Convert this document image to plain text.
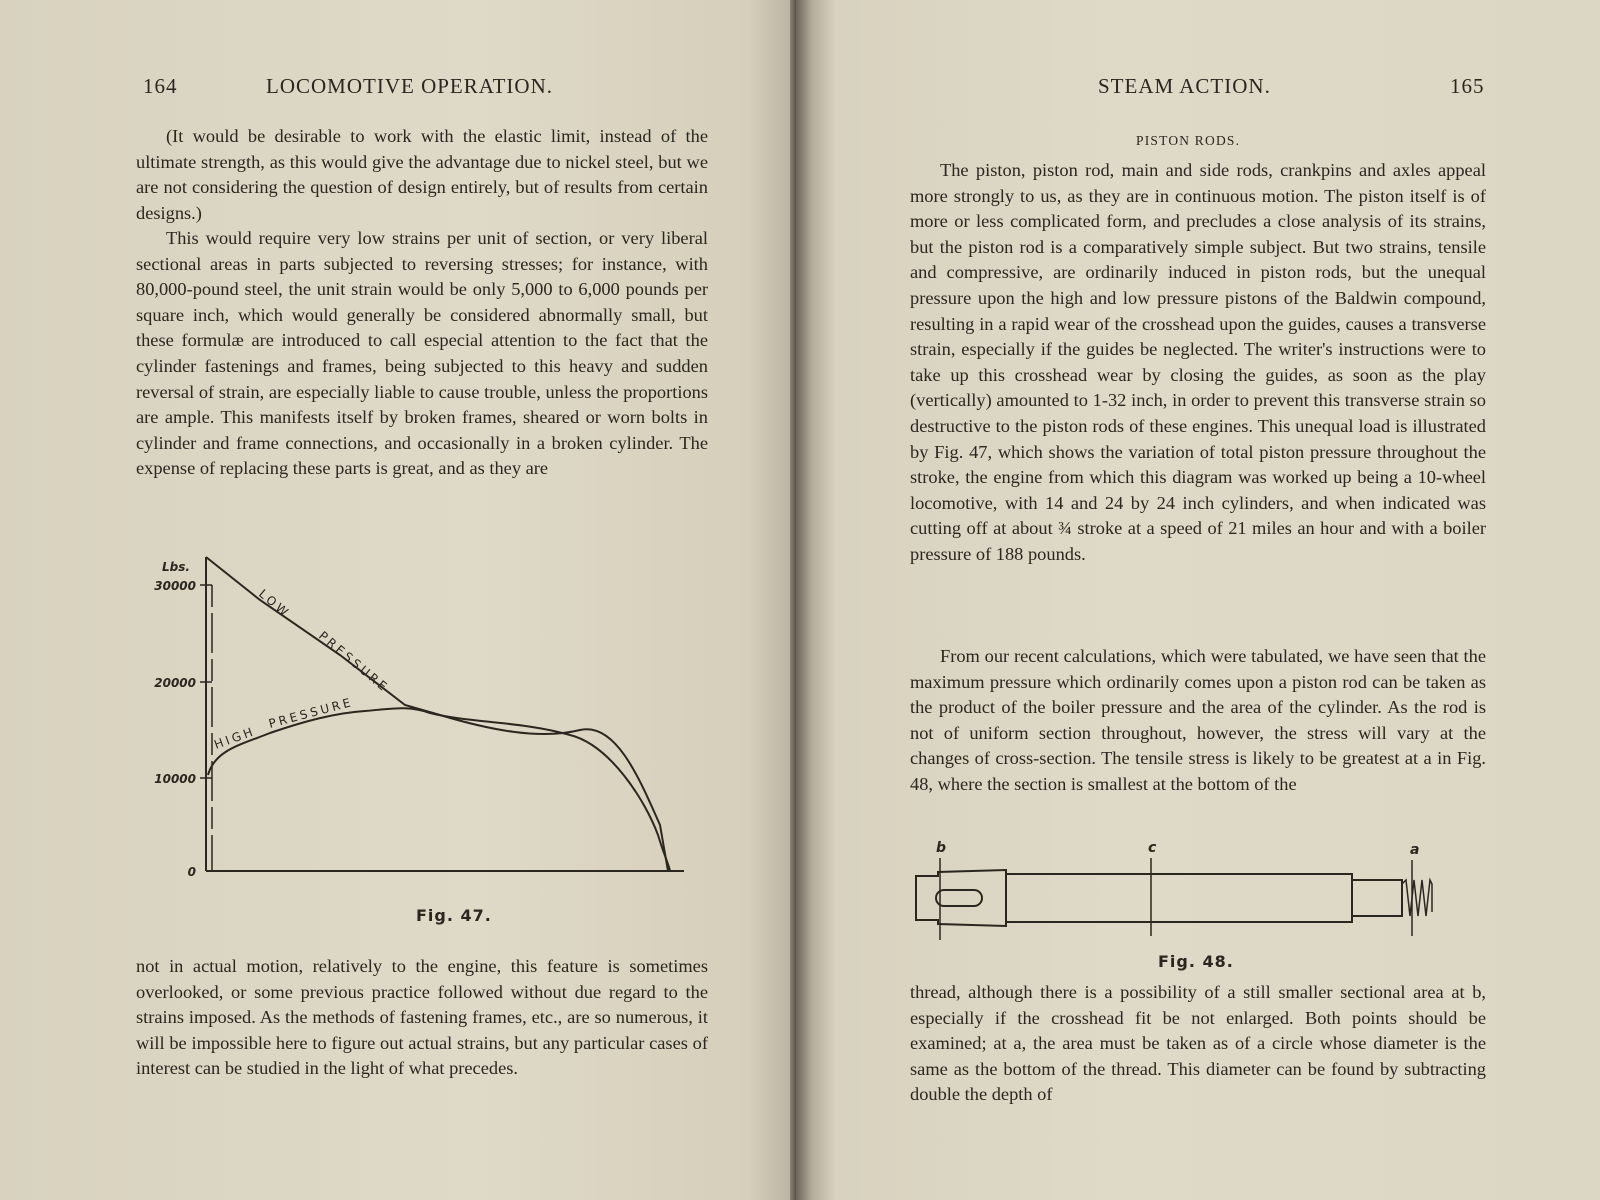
164	LOCOMOTIVE OPERATION.

(It would be desirable to work with the elastic limit, instead of the ultimate strength, as this would give the advantage due to nickel steel, but we are not considering the question of design entirely, but of results from certain designs.)

This would require very low strains per unit of section, or very liberal sectional areas in parts subjected to reversing stresses; for instance, with 80,000-pound steel, the unit strain would be only 5,000 to 6,000 pounds per square inch, which would generally be considered abnormally small, but these formulæ are introduced to call especial attention to the fact that the cylinder fastenings and frames, being subjected to this heavy and sudden reversal of strain, are especially liable to cause trouble, unless the proportions are ample. This manifests itself by broken frames, sheared or worn bolts in cylinder and frame connections, and occasionally in a broken cylinder. The expense of replacing these parts is great, and as they are

Lbs.
30000
20000
10000
0
LOW
PRESSURE
HIGH
PRESSURE
Fig. 47.

not in actual motion, relatively to the engine, this feature is sometimes overlooked, or some previous practice followed without due regard to the strains imposed. As the methods of fastening frames, etc., are so numerous, it will be impossible here to figure out actual strains, but any particular cases of interest can be studied in the light of what precedes.

STEAM ACTION.	165
PISTON RODS.

The piston, piston rod, main and side rods, crankpins and axles appeal more strongly to us, as they are in continuous motion. The piston itself is of more or less complicated form, and precludes a close analysis of its strains, but the piston rod is a comparatively simple subject. But two strains, tensile and compressive, are ordinarily induced in piston rods, but the unequal pressure upon the high and low pressure pistons of the Baldwin compound, resulting in a rapid wear of the crosshead upon the guides, causes a transverse strain, especially if the guides be neglected. The writer's instructions were to take up this crosshead wear by closing the guides, as soon as the play (vertically) amounted to 1-32 inch, in order to prevent this transverse strain so destructive to the piston rods of these engines. This unequal load is illustrated by Fig. 47, which shows the variation of total piston pressure throughout the stroke, the engine from which this diagram was worked up being a 10-wheel locomotive, with 14 and 24 by 24 inch cylinders, and when indicated was cutting off at about ¾ stroke at a speed of 21 miles an hour and with a boiler pressure of 188 pounds.

From our recent calculations, which were tabulated, we have seen that the maximum pressure which ordinarily comes upon a piston rod can be taken as the product of the boiler pressure and the area of the cylinder. As the rod is not of uniform section throughout, however, the stress will vary at the changes of cross-section. The tensile stress is likely to be greatest at a in Fig. 48, where the section is smallest at the bottom of the

b	c	a
Fig. 48.

thread, although there is a possibility of a still smaller sectional area at b, especially if the crosshead fit be not enlarged. Both points should be examined; at a, the area must be taken as of a circle whose diameter is the same as the bottom of the thread. This diameter can be found by subtracting double the depth of
